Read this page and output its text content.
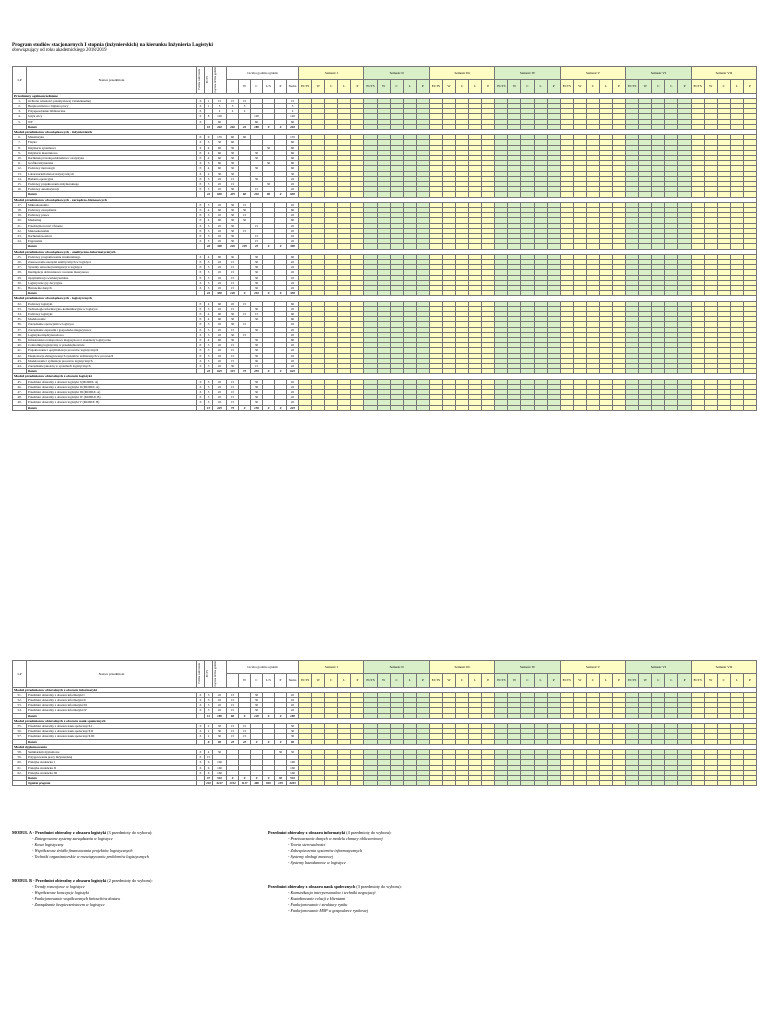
Program studiów stacjonarnych I stopnia (inżynierskich) na kierunku Inżynieria Logistyki
obowiązujący od roku akademickiego 2018/2019
LP	Nazwa przedmiotu	Forma zaliczenia	ECTS	Łączna liczba godzin	Liczba godzin ogółem						Semestr I					Semestr II					Semestr III					Semestr IV					Semestr V					Semestr VI					Semestr VII				
						W	C	L/S	P	Suma	ECTS	W	C	L	P	ECTS	W	C	L	P	ECTS	W	C	L	P	ECTS	W	C	L	P	ECTS	W	C	L	P	ECTS	W	C	L	P	ECTS	W	C	L	P
Przedmioty ogólnouczelniane																																													
1.	Ochrona własności przemysłowej i intelektualnej	Z	1	15	15	15				15																																			
2.	Bezpieczeństwo i higiena pracy	Z	1	5	5	5				5																																			
3.	Przysposobienie biblioteczne	Z		2	2	2				2																																			
4.	Język obcy	Z	8	120			120			120																																			
5.	WF	Z		60			60			60																																			
	Razem		10	202	202	22	180	0	0	202																																			
Moduł przedmiotów obowiązkowych - inżynierskich																																													
6.	Matematyka	E	9	135	60	60				135																																			
7.	Fizyka	Z	3	30	60					60																																			
8.	Inżynieria systemowa	Z	4	60	30			30		60																																			
9.	Inżynieria materiałowa	E	4	60	30		30			60																																			
10.	Rachunek prawdopodobieństwa i statystyka	E	4	60	30		30			60																																			
11.	Grafika inżynierska	Z	3	60	30			30		60																																			
12.	Podstawy metrologii	E	4	60	30		30			60																																			
13.	Laboratorium metod statystycznych	Z	2	30	30					30																																			
14.	Badania operacyjne	E	3	45	15		30			45																																			
15.	Podstawy projektowania inżynierskiego	E	3	45	15			30		45																																			
16.	Podstawy automatyzacji	E	3	45	30		15			45																																			
	Razem		42	630	435	60	210	90	0	630																																			
Moduł przedmiotów obowiązkowych - zarządczo-biznesowych																																													
17.	Mikroekonomia	E	3	45	30	15				45																																			
18.	Podstawy zarządzania	E	4	60	30	30				60																																			
19.	Podstawy prawa	E	3	45	30	15				45																																			
20.	Marketing	E	4	60	30	30				60																																			
21.	Przedsiębiorczość i finanse	Z	3	45	30		15			45																																			
22.	Makroekonomia	E	3	45	30	15				45																																			
23.	Rachunek kosztów	E	3	45	30		15			45																																			
24.	Ergonomia	Z	3	45	30		15			45																																			
	Razem		26	390	240	105	45	0	0	390																																			
Moduł przedmiotów obowiązkowych - analityczno-informatycznych																																													
25.	Podstawy programowania strukturalnego	Z	4	60	30		30			60																																			
26.	Zastosowanie narzędzi analitycznych w logistyce	E	3	45	15		30			45																																			
27.	Systemy sztucznej inteligencji w logistyce	E	3	45	15		30			45																																			
28.	Inteligencja obliczeniowa i uczenie maszynowe	E	3	45	15		30			45																																			
29.	Optymalizacja wielokryterialna	E	3	45	15		30			45																																			
30.	Logistyczne gry decyzyjne	Z	3	45	15		30			45																																			
31.	Hurtownie danych	Z	3	45	15		30			45																																			
	Razem		22	330	120	0	210	0	0	330																																			
Moduł przedmiotów obowiązkowych - logistycznych																																													
32.	Podstawy logistyki	E	4	60	45	15				60																																			
33.	Technologie informacyjno-komunikacyjne w logistyce	E	3	45	15		30			45																																			
34.	Podstawy logistyki	E	4	60	30	15	15			60																																			
35.	Modelowanie	E	4	60	30		30			60																																			
36.	Zarządzanie operacjami w logistyce	E	3	45	30	15				45																																			
37.	Zarządzanie zapasami i gospodarka magazynowa	E	3	45	15		30			45																																			
38.	Logistyka międzynarodowa	Z	3	45	30	15				45																																			
39.	Infrastruktura transportowa magazynowa i standardy logistyczne	E	4	60	30		30			60																																			
40.	Controlling logistyczny w przedsiębiorstwie	E	3	45	15		30			45																																			
41.	Projektowanie i optymalizacja procesów logistycznych	E	3	45	15		30			45																																			
42.	Eksploatacja zintegrowanych systemów technicznych w procesach	E	3	45	15		30			45																																			
43.	Modelowanie i symulacja procesów logistycznych	Z	3	45	15		30			45																																			
44.	Zarządzanie jakością w systemach logistycznych	Z	3	45	30		15			45																																			
	Razem		43	645	315	75	255	0	0	645																																			
Moduł przedmiotów obieralnych z obszaru logistyki																																													
45.	Przedmiot obieralny z obszaru logistyki I (MODUŁ A)	Z	3	45	15		30			45																																			
46.	Przedmiot obieralny z obszaru logistyki II (MODUŁ A)	Z	3	45	15		30			45																																			
47.	Przedmiot obieralny z obszaru logistyki III (MODUŁ A)	Z	3	45	15		30			45																																			
48.	Przedmiot obieralny z obszaru logistyki IV (MODUŁ B)	Z	3	45	15		30			45																																			
49.	Przedmiot obieralny z obszaru logistyki V (MODUŁ B)	Z	3	45	15		30			45																																			
	Razem		15	225	75	0	150	0	0	225																																			
LP	Nazwa przedmiotu	Forma zaliczenia	ECTS	Łączna liczba godzin	Liczba godzin ogółem						Semestr I					Semestr II					Semestr III					Semestr IV					Semestr V					Semestr VI					Semestr VII				
						W	C	L/S	P	Suma	ECTS	W	C	L	P	ECTS	W	C	L	P	ECTS	W	C	L	P	ECTS	W	C	L	P	ECTS	W	C	L	P	ECTS	W	C	L	P	ECTS	W	C	L	P
Moduł przedmiotów obieralnych z obszaru informatyki																																													
51.	Przedmiot obieralny z obszaru informatyki I	Z	3	45	15		30			45																																			
52.	Przedmiot obieralny z obszaru informatyki II	Z	3	45	15		30			45																																			
53.	Przedmiot obieralny z obszaru informatyki III	Z	3	45	15		30			45																																			
54.	Przedmiot obieralny z obszaru informatyki IV	Z	3	45	15		30			45																																			
	Razem		12	180	60	0	120	0	0	180																																			
Moduł przedmiotów obieralnych z obszaru nauk społecznych																																													
55.	Przedmiot obieralny z obszaru nauk społecznych I	Z	2	30	15	15				30																																			
56.	Przedmiot obieralny z obszaru nauk społecznych II	Z	2	30	15	15				30																																			
57.	Przedmiot obieralny z obszaru nauk społecznych III	Z	2	30	15	15				30																																			
	Razem		6	90	45	45	0	0	0	90																																			
Moduł dyplomowania																																													
58.	Seminarium dyplomowe	Z	4	30					30	30																																			
59.	Przygotowanie pracy inżynierskiej	Z	15																																										
60.	Praktyka studencka I	Z	6	160						160																																			
61.	Praktyka studencka II	Z	6	160						160																																			
62.	Praktyka studencka III	Z	6	160						160																																			
	Razem		37	510	0	0	0	0	30	510																																			
	Ogółem program		210	3417	1722	1117	460	810	135	3495																																			
MODUŁ A - Przedmiot obieralny z obszaru logistyki (3 przedmioty do wyboru):
- Zintegrowane systemy zarządzania w logistyce
- Koszt logistyczny
- Współczesne źródła finansowania projektów logistycznych
- Techniki organizatorskie w rozwiązywaniu problemów logistycznych
MODUŁ B - Przedmiot obieralny z obszaru logistyki (2 przedmioty do wyboru):
- Trendy rozwojowe w logistyce
- Współczesne koncepcje logistyki
- Funkcjonowanie współczesnych łańcuchów dostaw
- Zarządzanie bezpieczeństwem w logistyce
Przedmiot obieralny z obszaru informatyki (4 przedmioty do wyboru):
- Przetwarzanie danych w modelu chmury obliczeniowej
- Teoria sterowalności
- Zabezpieczenia systemów informatycznych
- Systemy obsługi masowej
- Systemy bazodanowe w logistyce
Przedmiot obieralny z obszaru nauk społecznych (3 przedmioty do wyboru):
- Komunikacja interpersonalna i techniki negocjacji
- Kształtowanie relacji z klientami
- Funkcjonowanie i struktury rynku
- Funkcjonowanie MŚP w gospodarce rynkowej
